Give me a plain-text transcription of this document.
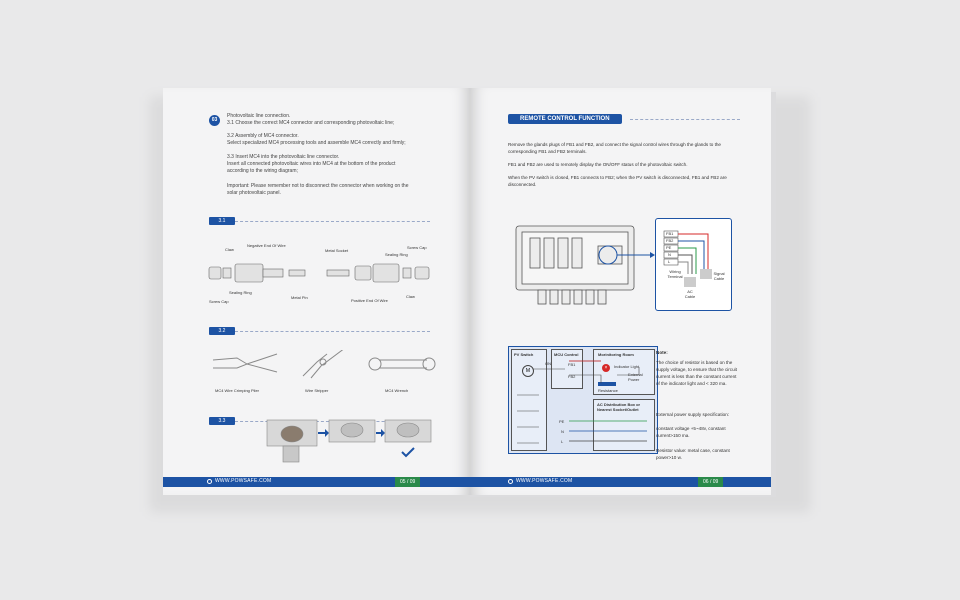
03
Photovoltaic line connection.
3.1 Choose the correct MC4 connector and corresponding photovoltaic line;
3.2 Assembly of MC4 connector.
Select specialized MC4 processing tools and assemble MC4 correctly and firmly;
3.3 Insert MC4 into the photovoltaic line connector.
Insert all connected photovoltaic wires into MC4 at the bottom of the product
according to the wiring diagram;
Important: Please remember not to disconnect the connector when working on the
solar photovoltaic panel.
3.1
Claw
Negative End Of Wire
Sealing Ring
Screw Cap
Metal Pin
Metal Socket
Screw Cap
Sealing Ring
Positive End Of Wire
Claw
3.2
MC4 Wire Crimping Plier	Wire Stripper	MC4 Wrench
3.3
WWW.POWSAFE.COM	05 / 09
REMOTE CONTROL FUNCTION
Remove the glands plugs of FB1 and FB2, and connect the signal control wires through the glands to the corresponding FB1 and FB2 terminals.
FB1 and FB2 are used to remotely display the ON/OFF status of the photovoltaic switch.
When the PV switch is closed, FB1 connects to FB2; when the PV switch is disconnected, FB1 and FB2 are disconnected.
FB1
FB2
PE
N
L
Wiring Terminal
Signal Cable
AC Cable
PV Switch
M
ON
MCU Control
FB1
FB2
Morinitoring Room
×	Indicator Light
External Power
Resistance
AC Distribution Box or Nearest Socket/Outlet
PE
N
L
Note:
The choice of resistor is based on the supply voltage, to ensure that the circuit current is less than the constant current of the indicator light and < 320 ma.
External power supply specification:
constant voltage +5~48v, constant current>150 ma.
Resistor value: metal case, constant power>10 w.
WWW.POWSAFE.COM	06 / 09
